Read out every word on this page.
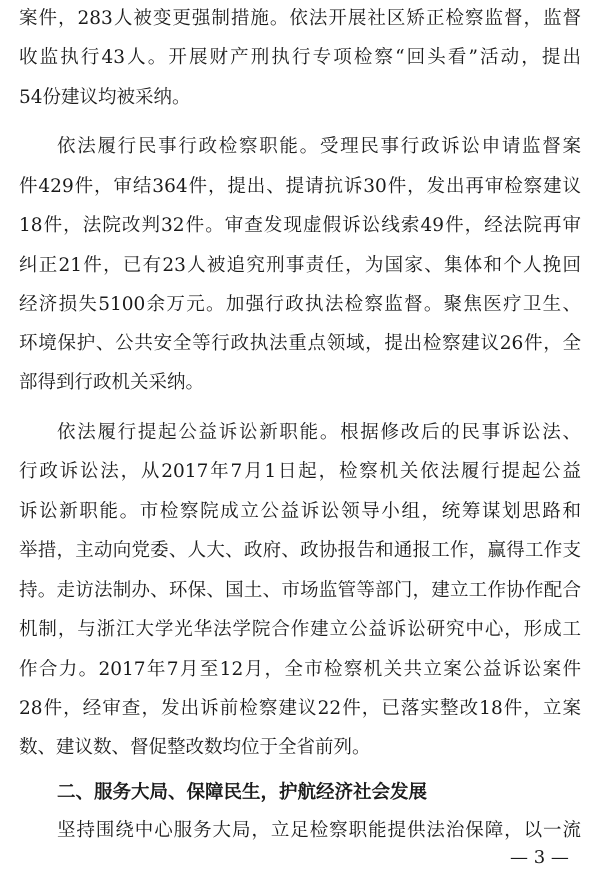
案件，283人被变更强制措施。依法开展社区矫正检察监督，监督
收监执行43人。开展财产刑执行专项检察“回头看”活动，提出
54份建议均被采纳。
依法履行民事行政检察职能。受理民事行政诉讼申请监督案
件429件，审结364件，提出、提请抗诉30件，发出再审检察建议
18件，法院改判32件。审查发现虚假诉讼线索49件，经法院再审
纠正21件，已有23人被追究刑事责任，为国家、集体和个人挽回
经济损失5100余万元。加强行政执法检察监督。聚焦医疗卫生、
环境保护、公共安全等行政执法重点领域，提出检察建议26件，全
部得到行政机关采纳。
依法履行提起公益诉讼新职能。根据修改后的民事诉讼法、
行政诉讼法，从2017年7月1日起，检察机关依法履行提起公益
诉讼新职能。市检察院成立公益诉讼领导小组，统筹谋划思路和
举措，主动向党委、人大、政府、政协报告和通报工作，赢得工作支
持。走访法制办、环保、国土、市场监管等部门，建立工作协作配合
机制，与浙江大学光华法学院合作建立公益诉讼研究中心，形成工
作合力。2017年7月至12月，全市检察机关共立案公益诉讼案件
28件，经审查，发出诉前检察建议22件，已落实整改18件，立案
数、建议数、督促整改数均位于全省前列。
二、服务大局、保障民生，护航经济社会发展
坚持围绕中心服务大局，立足检察职能提供法治保障，以一流
— 3 —
